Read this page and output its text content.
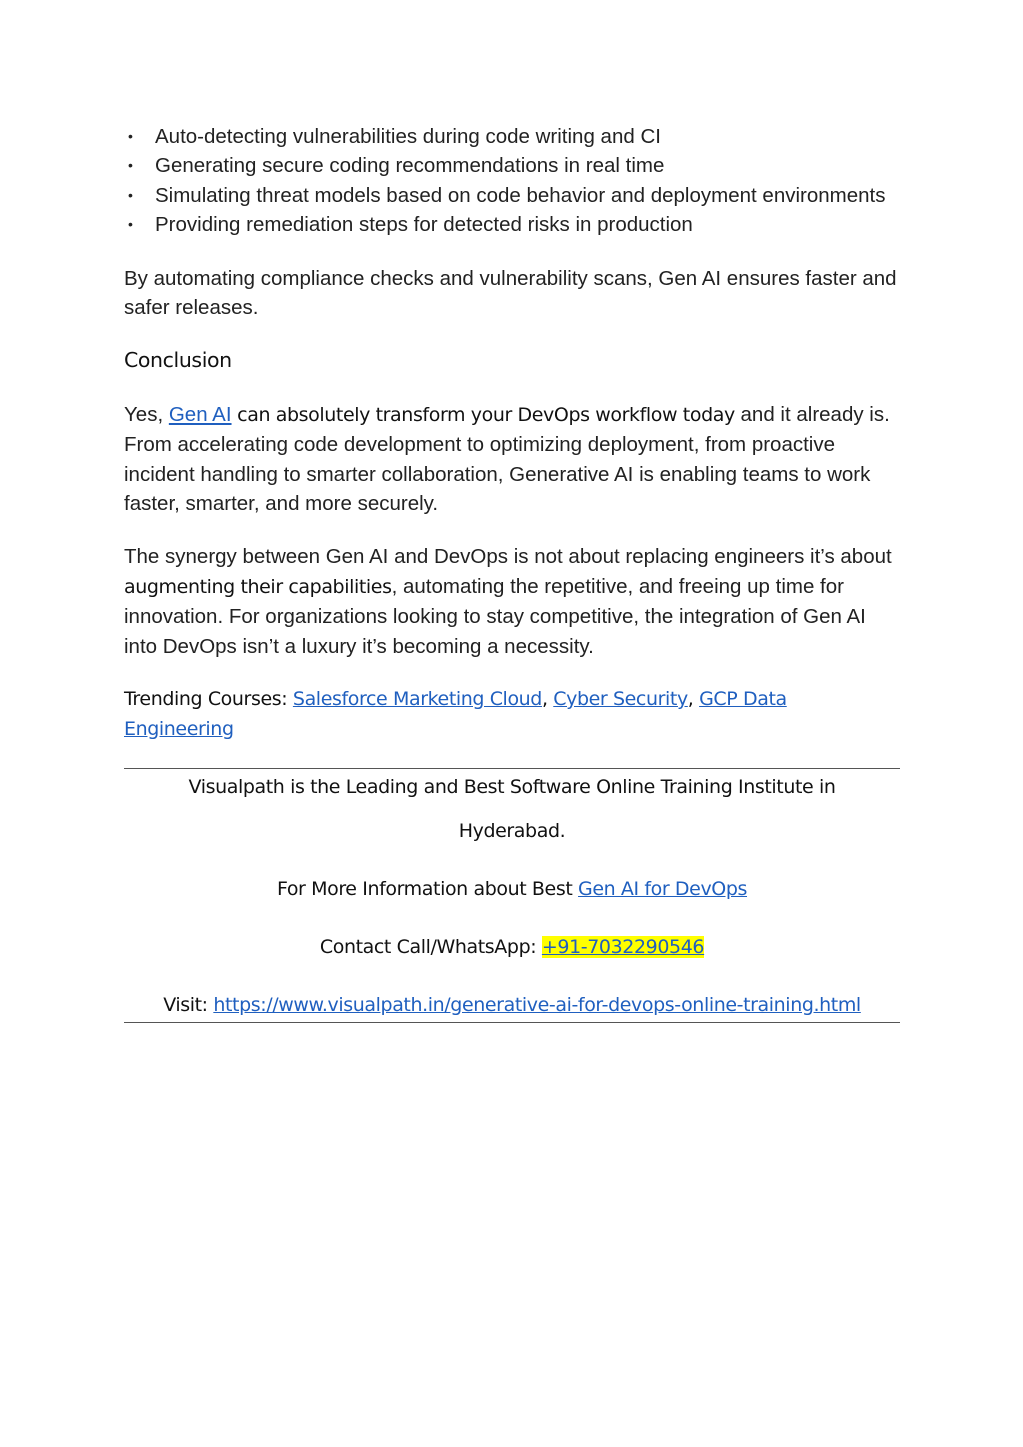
• Auto-detecting vulnerabilities during code writing and CI
• Generating secure coding recommendations in real time
• Simulating threat models based on code behavior and deployment environments
• Providing remediation steps for detected risks in production

By automating compliance checks and vulnerability scans, Gen AI ensures faster and safer releases.

Conclusion

Yes, Gen AI can absolutely transform your DevOps workflow today and it already is. From accelerating code development to optimizing deployment, from proactive incident handling to smarter collaboration, Generative AI is enabling teams to work faster, smarter, and more securely.

The synergy between Gen AI and DevOps is not about replacing engineers it’s about augmenting their capabilities, automating the repetitive, and freeing up time for innovation. For organizations looking to stay competitive, the integration of Gen AI into DevOps isn’t a luxury it’s becoming a necessity.

Trending Courses: Salesforce Marketing Cloud, Cyber Security, GCP Data Engineering

Visualpath is the Leading and Best Software Online Training Institute in
Hyderabad.
For More Information about Best Gen AI for DevOps
Contact Call/WhatsApp: +91-7032290546
Visit: https://www.visualpath.in/generative-ai-for-devops-online-training.html
